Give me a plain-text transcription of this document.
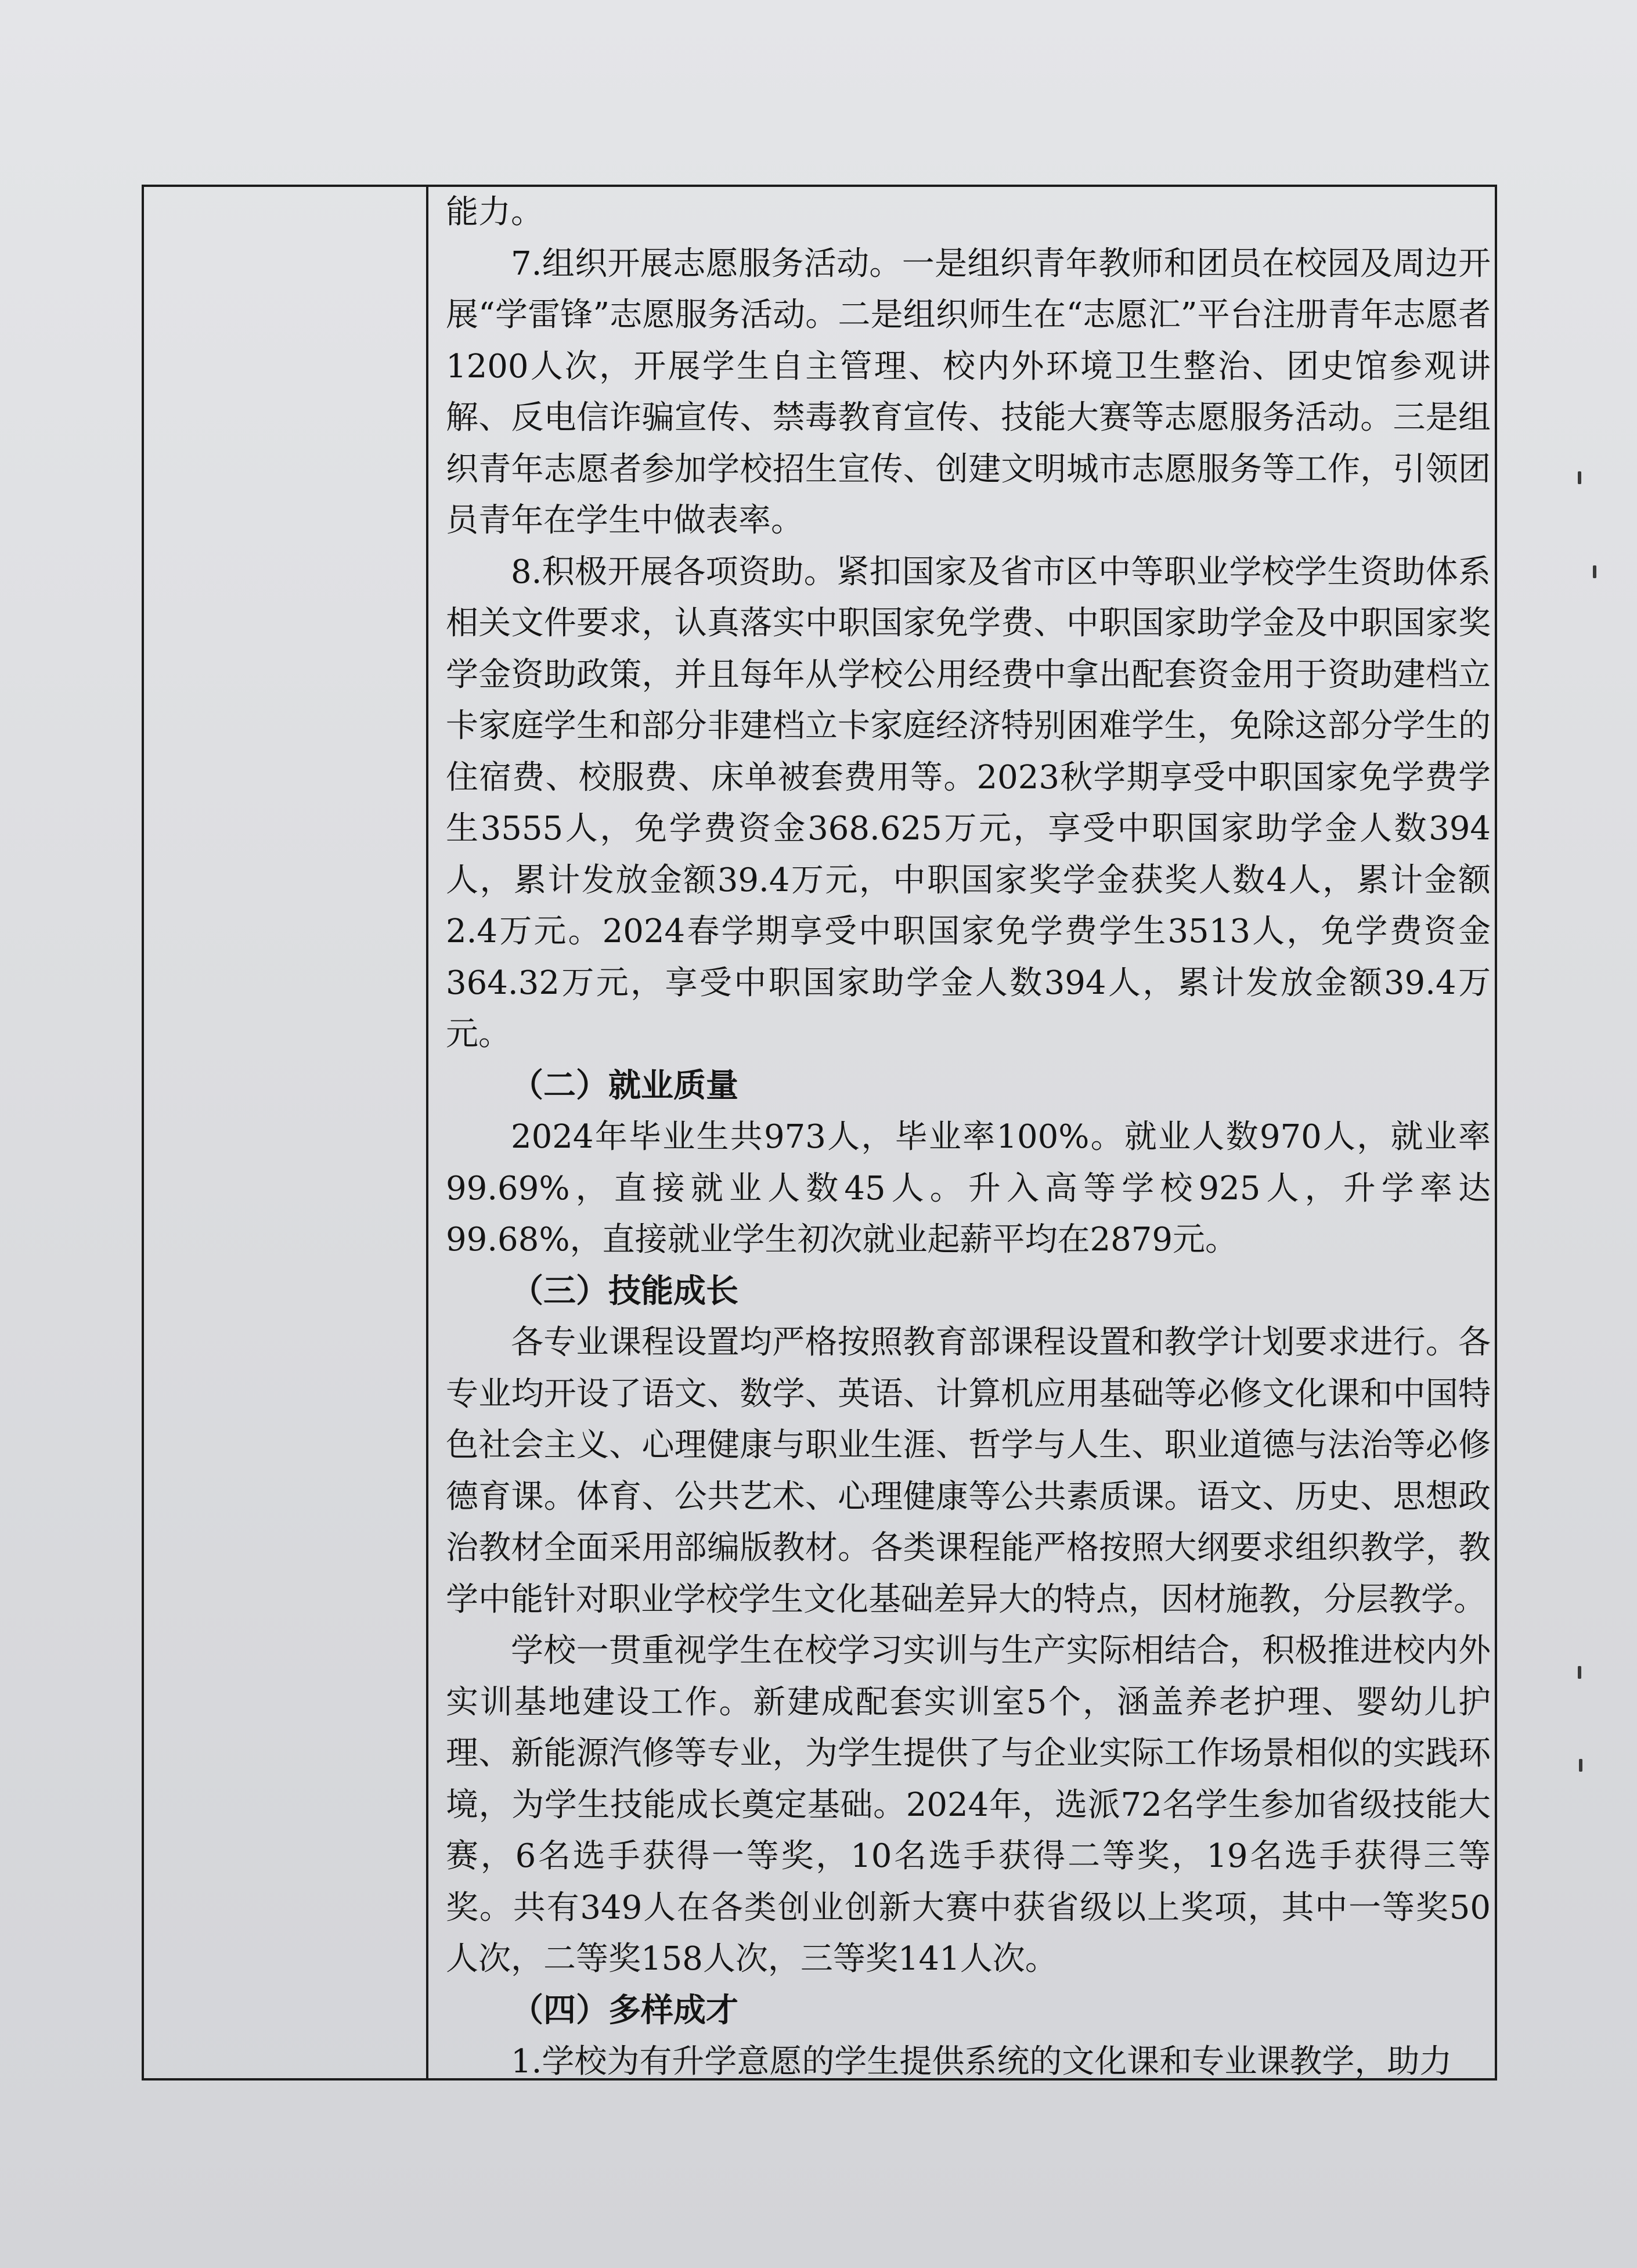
能力。

7.组织开展志愿服务活动。一是组织青年教师和团员在校园及周边开展“学雷锋”志愿服务活动。二是组织师生在“志愿汇”平台注册青年志愿者1200人次，开展学生自主管理、校内外环境卫生整治、团史馆参观讲解、反电信诈骗宣传、禁毒教育宣传、技能大赛等志愿服务活动。三是组织青年志愿者参加学校招生宣传、创建文明城市志愿服务等工作，引领团员青年在学生中做表率。

8.积极开展各项资助。紧扣国家及省市区中等职业学校学生资助体系相关文件要求，认真落实中职国家免学费、中职国家助学金及中职国家奖学金资助政策，并且每年从学校公用经费中拿出配套资金用于资助建档立卡家庭学生和部分非建档立卡家庭经济特别困难学生，免除这部分学生的住宿费、校服费、床单被套费用等。2023秋学期享受中职国家免学费学生3555人，免学费资金368.625万元，享受中职国家助学金人数394人，累计发放金额39.4万元，中职国家奖学金获奖人数4人，累计金额2.4万元。2024春学期享受中职国家免学费学生3513人，免学费资金364.32万元，享受中职国家助学金人数394人，累计发放金额39.4万元。

（二）就业质量

2024年毕业生共973人，毕业率100%。就业人数970人，就业率99.69%，直接就业人数45人。升入高等学校925人，升学率达99.68%，直接就业学生初次就业起薪平均在2879元。

（三）技能成长

各专业课程设置均严格按照教育部课程设置和教学计划要求进行。各专业均开设了语文、数学、英语、计算机应用基础等必修文化课和中国特色社会主义、心理健康与职业生涯、哲学与人生、职业道德与法治等必修德育课。体育、公共艺术、心理健康等公共素质课。语文、历史、思想政治教材全面采用部编版教材。各类课程能严格按照大纲要求组织教学，教学中能针对职业学校学生文化基础差异大的特点，因材施教，分层教学。

学校一贯重视学生在校学习实训与生产实际相结合，积极推进校内外实训基地建设工作。新建成配套实训室5个，涵盖养老护理、婴幼儿护理、新能源汽修等专业，为学生提供了与企业实际工作场景相似的实践环境，为学生技能成长奠定基础。2024年，选派72名学生参加省级技能大赛，6名选手获得一等奖，10名选手获得二等奖，19名选手获得三等奖。共有349人在各类创业创新大赛中获省级以上奖项，其中一等奖50人次，二等奖158人次，三等奖141人次。

（四）多样成才

1.学校为有升学意愿的学生提供系统的文化课和专业课教学，助力
